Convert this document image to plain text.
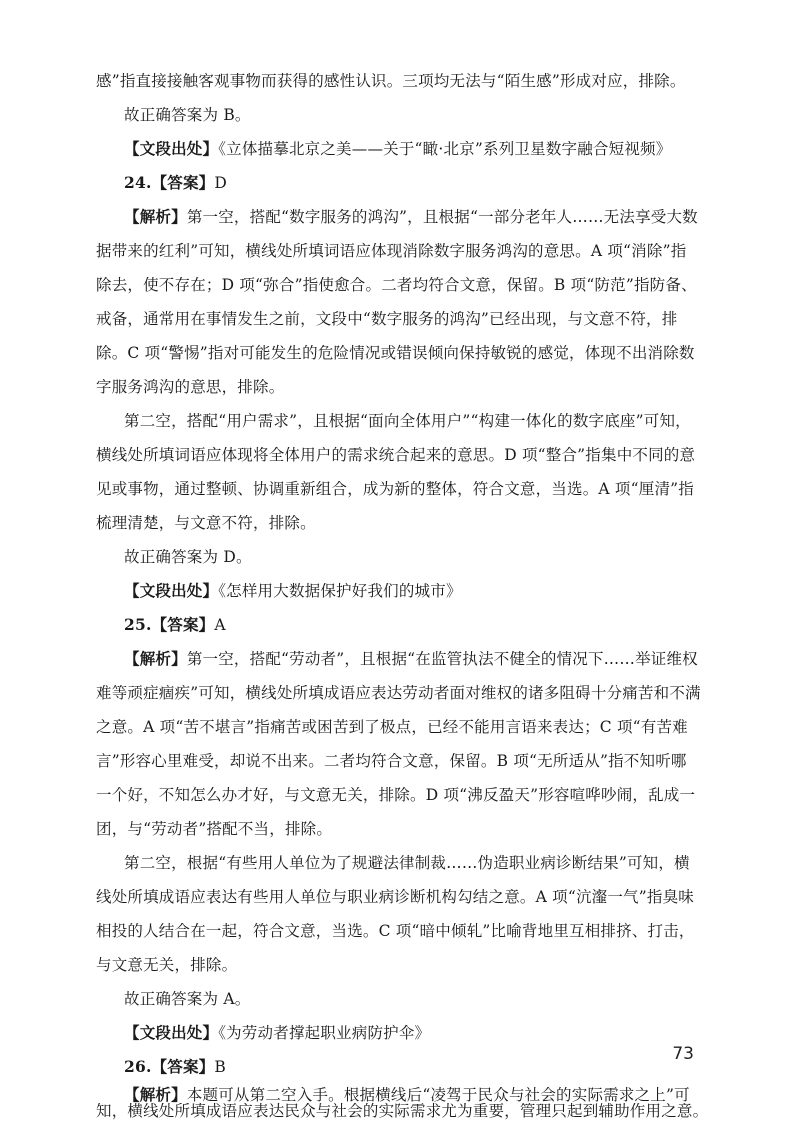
感”指直接接触客观事物而获得的感性认识。三项均无法与“陌生感”形成对应，排除。
故正确答案为 B。
【文段出处】《立体描摹北京之美——关于“瞰·北京”系列卫星数字融合短视频》
24.【答案】D
【解析】第一空，搭配“数字服务的鸿沟”，且根据“一部分老年人……无法享受大数
据带来的红利”可知，横线处所填词语应体现消除数字服务鸿沟的意思。A 项“消除”指
除去，使不存在；D 项“弥合”指使愈合。二者均符合文意，保留。B 项“防范”指防备、
戒备，通常用在事情发生之前，文段中“数字服务的鸿沟”已经出现，与文意不符，排
除。C 项“警惕”指对可能发生的危险情况或错误倾向保持敏锐的感觉，体现不出消除数
字服务鸿沟的意思，排除。
第二空，搭配“用户需求”，且根据“面向全体用户”“构建一体化的数字底座”可知，
横线处所填词语应体现将全体用户的需求统合起来的意思。D 项“整合”指集中不同的意
见或事物，通过整顿、协调重新组合，成为新的整体，符合文意，当选。A 项“厘清”指
梳理清楚，与文意不符，排除。
故正确答案为 D。
【文段出处】《怎样用大数据保护好我们的城市》
25.【答案】A
【解析】第一空，搭配“劳动者”，且根据“在监管执法不健全的情况下……举证维权
难等顽症痼疾”可知，横线处所填成语应表达劳动者面对维权的诸多阻碍十分痛苦和不满
之意。A 项“苦不堪言”指痛苦或困苦到了极点，已经不能用言语来表达；C 项“有苦难
言”形容心里难受，却说不出来。二者均符合文意，保留。B 项“无所适从”指不知听哪
一个好，不知怎么办才好，与文意无关，排除。D 项“沸反盈天”形容喧哗吵闹，乱成一
团，与“劳动者”搭配不当，排除。
第二空，根据“有些用人单位为了规避法律制裁……伪造职业病诊断结果”可知，横
线处所填成语应表达有些用人单位与职业病诊断机构勾结之意。A 项“沆瀣一气”指臭味
相投的人结合在一起，符合文意，当选。C 项“暗中倾轧”比喻背地里互相排挤、打击，
与文意无关，排除。
故正确答案为 A。
【文段出处】《为劳动者撑起职业病防护伞》
26.【答案】B
【解析】本题可从第二空入手。根据横线后“凌驾于民众与社会的实际需求之上”可
知，横线处所填成语应表达民众与社会的实际需求尤为重要，管理只起到辅助作用之意。
73
